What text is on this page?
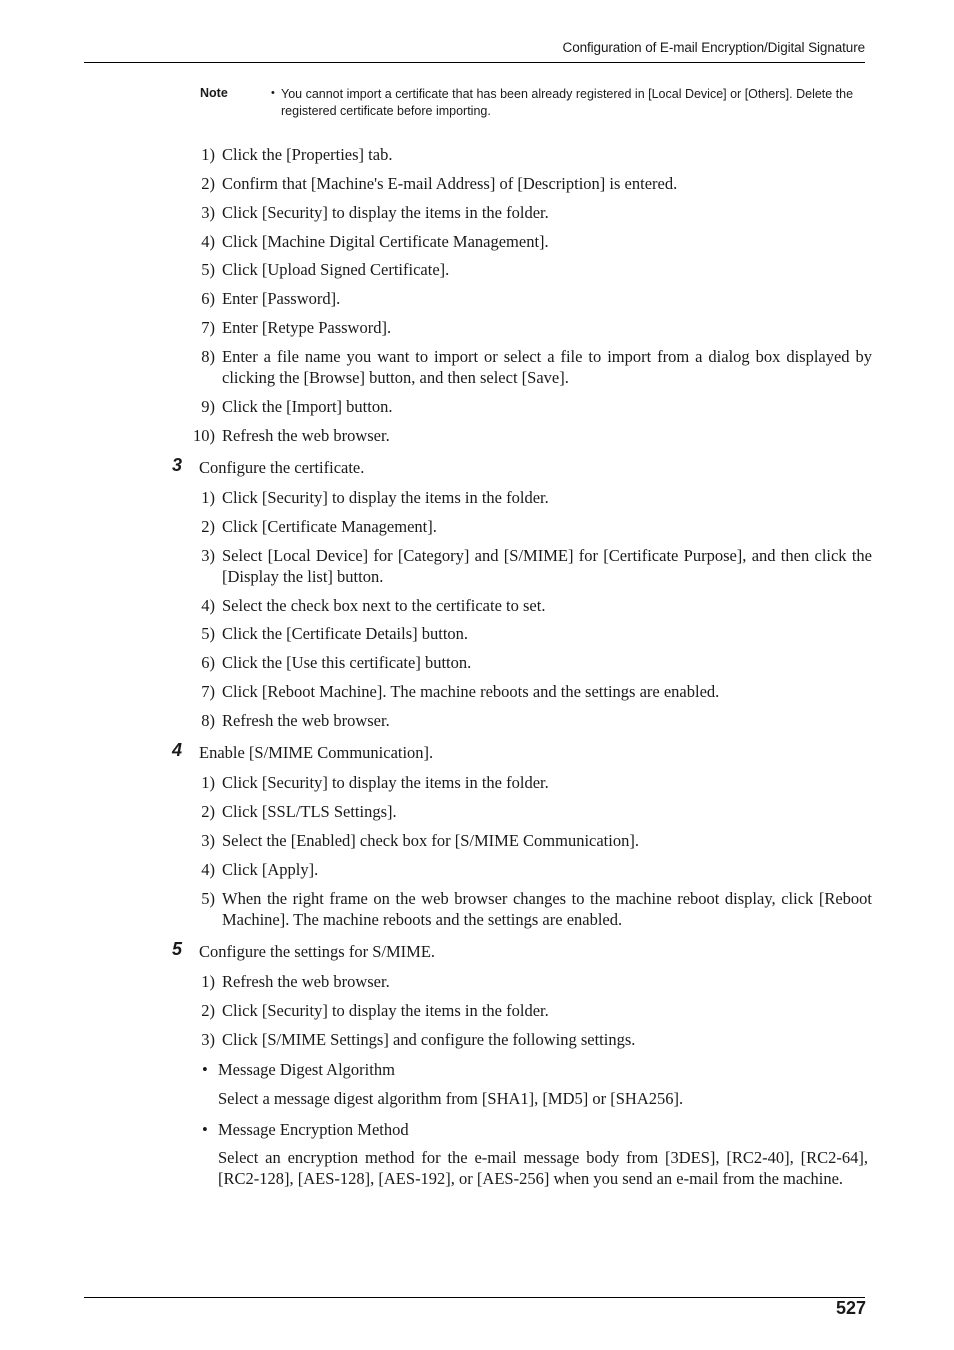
Configuration of E-mail Encryption/Digital Signature
Note	• You cannot import a certificate that has been already registered in [Local Device] or [Others]. Delete the registered certificate before importing.
1) Click the [Properties] tab.
2) Confirm that [Machine's E-mail Address] of [Description] is entered.
3) Click [Security] to display the items in the folder.
4) Click [Machine Digital Certificate Management].
5) Click [Upload Signed Certificate].
6) Enter [Password].
7) Enter [Retype Password].
8) Enter a file name you want to import or select a file to import from a dialog box displayed by clicking the [Browse] button, and then select [Save].
9) Click the [Import] button.
10) Refresh the web browser.
3 Configure the certificate.
1) Click [Security] to display the items in the folder.
2) Click [Certificate Management].
3) Select [Local Device] for [Category] and [S/MIME] for [Certificate Purpose], and then click the [Display the list] button.
4) Select the check box next to the certificate to set.
5) Click the [Certificate Details] button.
6) Click the [Use this certificate] button.
7) Click [Reboot Machine]. The machine reboots and the settings are enabled.
8) Refresh the web browser.
4 Enable [S/MIME Communication].
1) Click [Security] to display the items in the folder.
2) Click [SSL/TLS Settings].
3) Select the [Enabled] check box for [S/MIME Communication].
4) Click [Apply].
5) When the right frame on the web browser changes to the machine reboot display, click [Reboot Machine]. The machine reboots and the settings are enabled.
5 Configure the settings for S/MIME.
1) Refresh the web browser.
2) Click [Security] to display the items in the folder.
3) Click [S/MIME Settings] and configure the following settings.
• Message Digest Algorithm
Select a message digest algorithm from [SHA1], [MD5] or [SHA256].
• Message Encryption Method
Select an encryption method for the e-mail message body from [3DES], [RC2-40], [RC2-64], [RC2-128], [AES-128], [AES-192], or [AES-256] when you send an e-mail from the machine.
527
